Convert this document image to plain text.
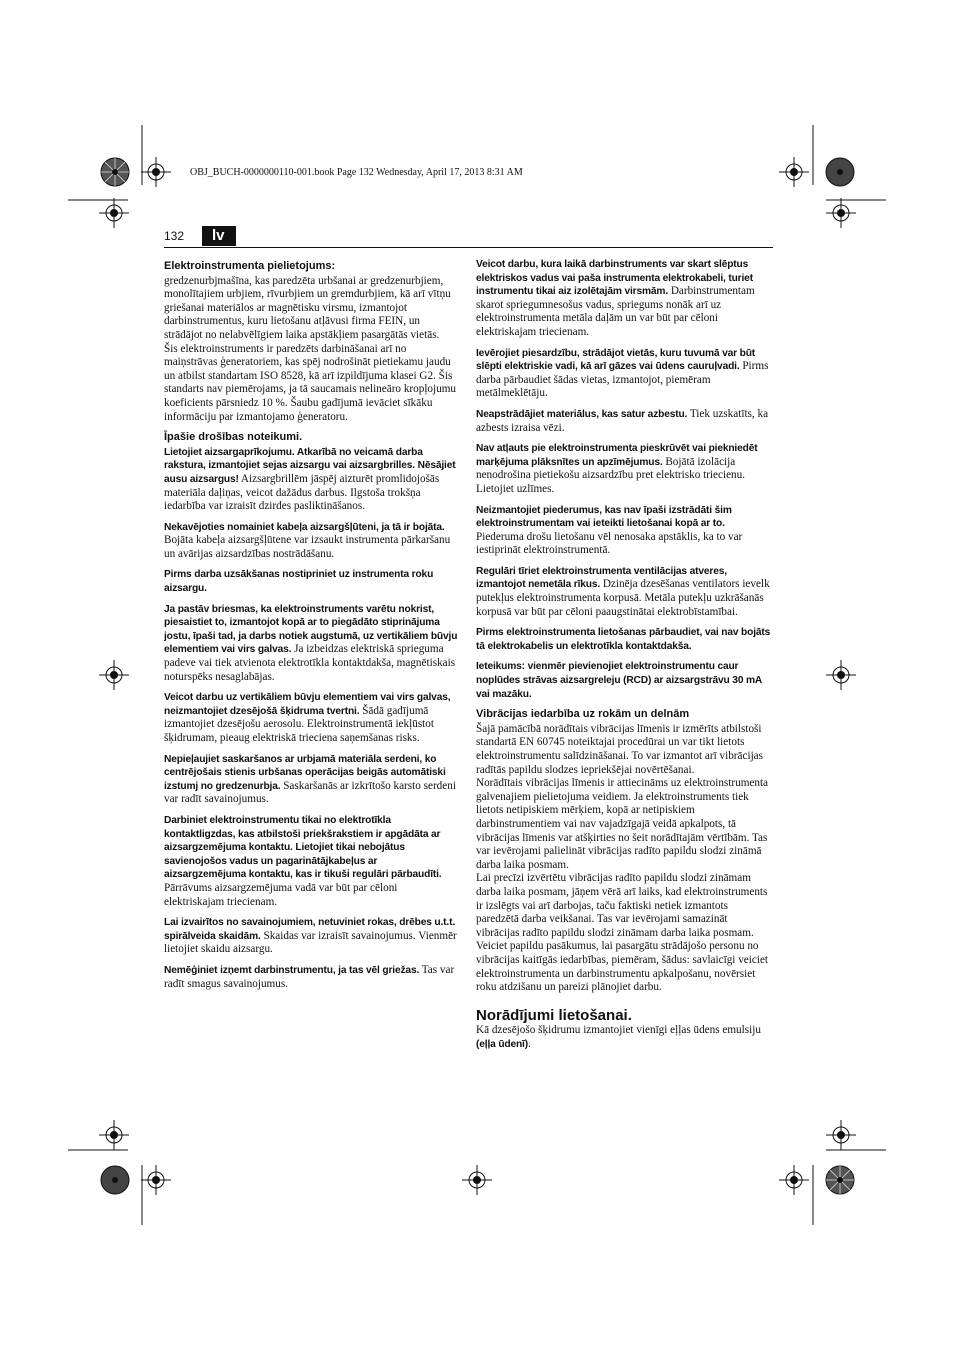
OBJ_BUCH-0000000110-001.book Page 132 Wednesday, April 17, 2013 8:31 AM
132	lv
Elektroinstrumenta pielietojums:

gredzenurbjmašīna, kas paredzēta urbšanai ar gredzenurbjiem, monolītajiem urbjiem, rīvurbjiem un gremdurbjiem, kā arī vītņu griešanai materiālos ar magnētisku virsmu, izmantojot darbinstrumentus, kuru lietošanu atļāvusi firma FEIN, un strādājot no nelabvēlīgiem laika apstākļiem pasargātās vietās.

Šis elektroinstruments ir paredzēts darbināšanai arī no maiņstrāvas ģeneratoriem, kas spēj nodrošināt pietiekamu jaudu un atbilst standartam ISO 8528, kā arī izpildījuma klasei G2. Šis standarts nav piemērojams, ja tā saucamais nelineāro kropļojumu koeficients pārsniedz 10 %. Šaubu gadījumā ievāciet sīkāku informāciju par izmantojamo ģeneratoru.

Īpašie drošības noteikumi.

Lietojiet aizsargaprīkojumu. Atkarībā no veicamā darba rakstura, izmantojiet sejas aizsargu vai aizsargbrilles. Nēsājiet ausu aizsargus! Aizsargbrillēm jāspēj aizturēt promlidojošās materiāla daļiņas, veicot dažādus darbus. Ilgstoša trokšņa iedarbība var izraisīt dzirdes pasliktināšanos.

Nekavējoties nomainiet kabeļa aizsargšļūteni, ja tā ir bojāta. Bojāta kabeļa aizsargšļūtene var izsaukt instrumenta pārkaršanu un avārijas aizsardzības nostrādāšanu.

Pirms darba uzsākšanas nostipriniet uz instrumenta roku aizsargu.

Ja pastāv briesmas, ka elektroinstruments varētu nokrist, piesaistiet to, izmantojot kopā ar to piegādāto stiprinājuma jostu, īpaši tad, ja darbs notiek augstumā, uz vertikāliem būvju elementiem vai virs galvas. Ja izbeidzas elektriskā sprieguma padeve vai tiek atvienota elektrotīkla kontaktdakša, magnētiskais noturspēks nesaglabājas.

Veicot darbu uz vertikāliem būvju elementiem vai virs galvas, neizmantojiet dzesējošā šķidruma tvertni. Šādā gadījumā izmantojiet dzesējošu aerosolu. Elektroinstrumentā iekļūstot šķidrumam, pieaug elektriskā trieciena saņemšanas risks.

Nepieļaujiet saskaršanos ar urbjamā materiāla serdeni, ko centrējošais stienis urbšanas operācijas beigās automātiski izstumj no gredzenurbja. Saskaršanās ar izkrītošo karsto serdeni var radīt savainojumus.

Darbiniet elektroinstrumentu tikai no elektrotīkla kontaktligzdas, kas atbilstoši priekšrakstiem ir apgādāta ar aizsargzemējuma kontaktu. Lietojiet tikai nebojātus savienojošos vadus un pagarinātājkabeļus ar aizsargzemējuma kontaktu, kas ir tikuši regulāri pārbaudīti. Pārrāvums aizsargzemējuma vadā var būt par cēloni elektriskajam triecienam.

Lai izvairītos no savainojumiem, netuviniet rokas, drēbes u.t.t. spirālveida skaidām. Skaidas var izraisīt savainojumus. Vienmēr lietojiet skaidu aizsargu.

Nemēģiniet izņemt darbinstrumentu, ja tas vēl griežas. Tas var radīt smagus savainojumus.

Veicot darbu, kura laikā darbinstruments var skart slēptus elektriskos vadus vai paša instrumenta elektrokabeli, turiet instrumentu tikai aiz izolētajām virsmām. Darbinstrumentam skarot spriegumnesošus vadus, spriegums nonāk arī uz elektroinstrumenta metāla daļām un var būt par cēloni elektriskajam triecienam.

Ievērojiet piesardzību, strādājot vietās, kuru tuvumā var būt slēpti elektriskie vadi, kā arī gāzes vai ūdens cauruļvadi. Pirms darba pārbaudiet šādas vietas, izmantojot, piemēram metālmeklētāju.

Neapstrādājiet materiālus, kas satur azbestu. Tiek uzskatīts, ka azbests izraisa vēzi.

Nav atļauts pie elektroinstrumenta pieskrūvēt vai piekniedēt marķējuma plāksnītes un apzīmējumus. Bojātā izolācija nenodrošina pietiekošu aizsardzību pret elektrisko triecienu. Lietojiet uzlīmes.

Neizmantojiet piederumus, kas nav īpaši izstrādāti šim elektroinstrumentam vai ieteikti lietošanai kopā ar to. Piederuma drošu lietošanu vēl nenosaka apstāklis, ka to var iestiprināt elektroinstrumentā.

Regulāri tīriet elektroinstrumenta ventilācijas atveres, izmantojot nemetāla rīkus. Dzinēja dzesēšanas ventilators ievelk putekļus elektroinstrumenta korpusā. Metāla putekļu uzkrāšanās korpusā var būt par cēloni paaugstinātai elektrobīstamībai.

Pirms elektroinstrumenta lietošanas pārbaudiet, vai nav bojāts tā elektrokabelis un elektrotīkla kontaktdakša.

Ieteikums: vienmēr pievienojiet elektroinstrumentu caur noplūdes strāvas aizsargreleju (RCD) ar aizsargstrāvu 30 mA vai mazāku.

Vibrācijas iedarbība uz rokām un delnām

Šajā pamācībā norādītais vibrācijas līmenis ir izmērīts atbilstoši standartā EN 60745 noteiktajai procedūrai un var tikt lietots elektroinstrumentu salīdzināšanai. To var izmantot arī vibrācijas radītās papildu slodzes iepriekšējai novērtēšanai.

Norādītais vibrācijas līmenis ir attiecināms uz elektroinstrumenta galvenajiem pielietojuma veidiem. Ja elektroinstruments tiek lietots netipiskiem mērķiem, kopā ar netipiskiem darbinstrumentiem vai nav vajadzīgajā veidā apkalpots, tā vibrācijas līmenis var atšķirties no šeit norādītajām vērtībām. Tas var ievērojami palielināt vibrācijas radīto papildu slodzi zināmā darba laika posmam.

Lai precīzi izvērtētu vibrācijas radīto papildu slodzi zināmam darba laika posmam, jāņem vērā arī laiks, kad elektroinstruments ir izslēgts vai arī darbojas, taču faktiski netiek izmantots paredzētā darba veikšanai. Tas var ievērojami samazināt vibrācijas radīto papildu slodzi zināmam darba laika posmam.

Veiciet papildu pasākumus, lai pasargātu strādājošo personu no vibrācijas kaitīgās iedarbības, piemēram, šādus: savlaicīgi veiciet elektroinstrumenta un darbinstrumentu apkalpošanu, novērsiet roku atdzišanu un pareizi plānojiet darbu.

Norādījumi lietošanai.

Kā dzesējošo šķidrumu izmantojiet vienīgi eļļas ūdens emulsiju (eļļa ūdenī).
